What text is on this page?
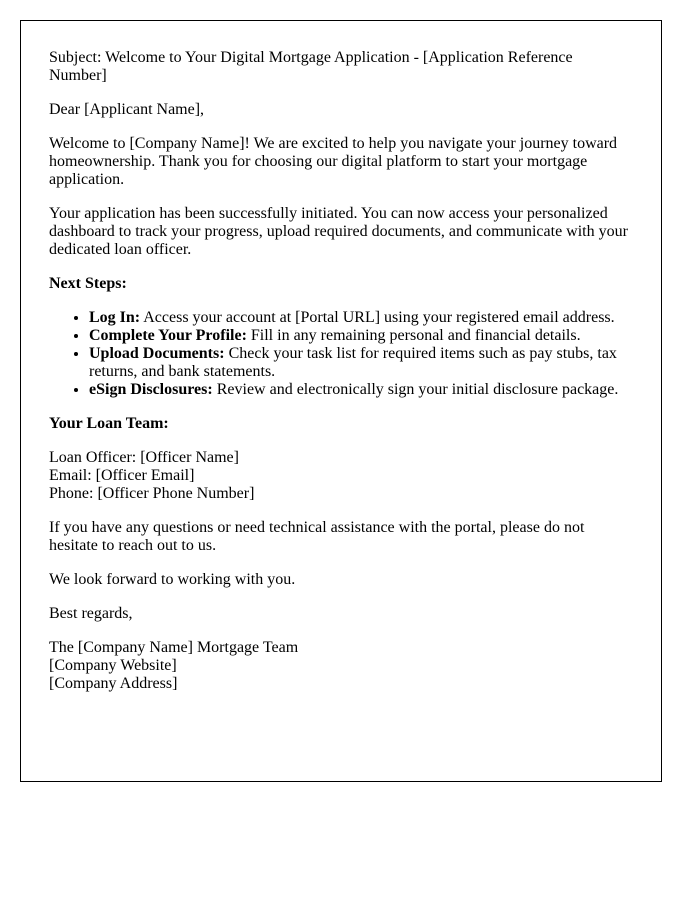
Subject: Welcome to Your Digital Mortgage Application - [Application Reference Number]

Dear [Applicant Name],

Welcome to [Company Name]! We are excited to help you navigate your journey toward homeownership. Thank you for choosing our digital platform to start your mortgage application.

Your application has been successfully initiated. You can now access your personalized dashboard to track your progress, upload required documents, and communicate with your dedicated loan officer.

Next Steps:

• Log In: Access your account at [Portal URL] using your registered email address.
• Complete Your Profile: Fill in any remaining personal and financial details.
• Upload Documents: Check your task list for required items such as pay stubs, tax returns, and bank statements.
• eSign Disclosures: Review and electronically sign your initial disclosure package.

Your Loan Team:

Loan Officer: [Officer Name]
Email: [Officer Email]
Phone: [Officer Phone Number]

If you have any questions or need technical assistance with the portal, please do not hesitate to reach out to us.

We look forward to working with you.

Best regards,

The [Company Name] Mortgage Team
[Company Website]
[Company Address]
